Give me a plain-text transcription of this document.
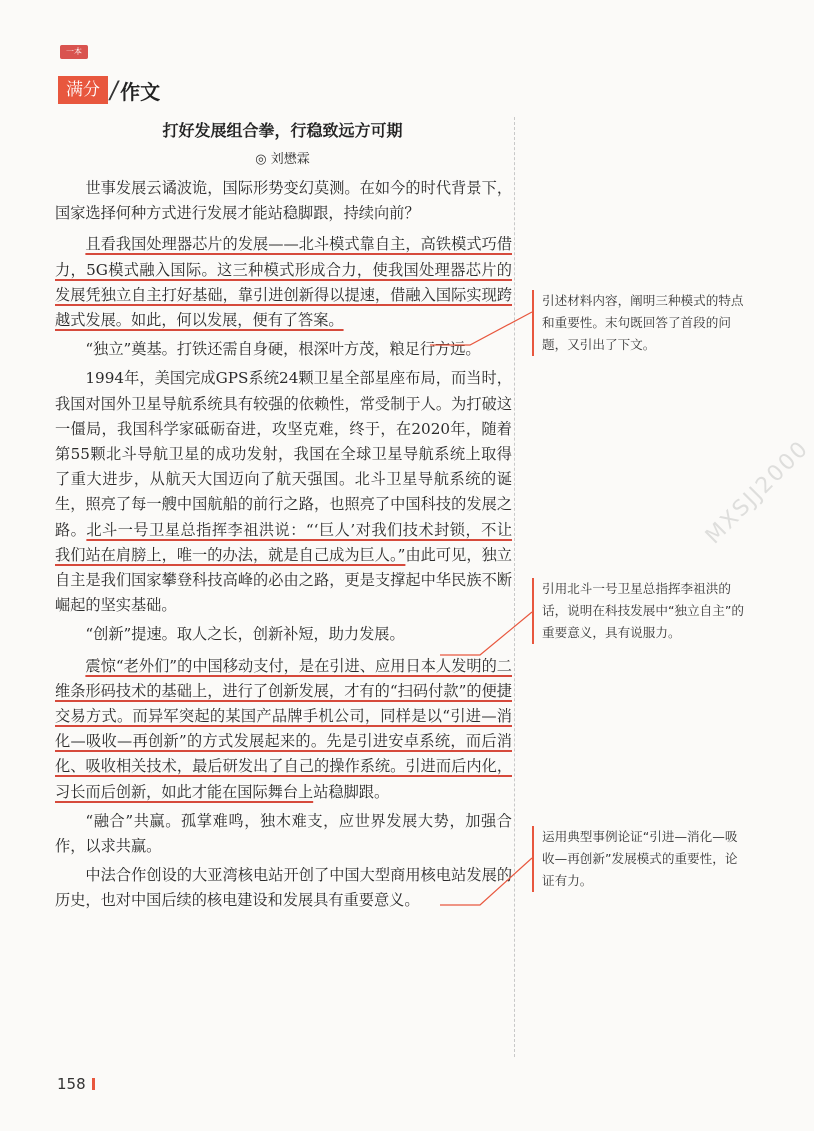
一本
满分 / 作文
打好发展组合拳，行稳致远方可期
◎ 刘懋霖

世事发展云谲波诡，国际形势变幻莫测。在如今的时代背景下，国家选择何种方式进行发展才能站稳脚跟，持续向前？

且看我国处理器芯片的发展——北斗模式靠自主，高铁模式巧借力，5G模式融入国际。这三种模式形成合力，使我国处理器芯片的发展凭独立自主打好基础，靠引进创新得以提速，借融入国际实现跨越式发展。如此，何以发展，便有了答案。

“独立”奠基。打铁还需自身硬，根深叶方茂，粮足行方远。

1994年，美国完成GPS系统24颗卫星全部星座布局，而当时，我国对国外卫星导航系统具有较强的依赖性，常受制于人。为打破这一僵局，我国科学家砥砺奋进，攻坚克难，终于，在2020年，随着第55颗北斗导航卫星的成功发射，我国在全球卫星导航系统上取得了重大进步，从航天大国迈向了航天强国。北斗卫星导航系统的诞生，照亮了每一艘中国航船的前行之路，也照亮了中国科技的发展之路。北斗一号卫星总指挥李祖洪说：“‘巨人’对我们技术封锁，不让我们站在肩膀上，唯一的办法，就是自己成为巨人。”由此可见，独立自主是我们国家攀登科技高峰的必由之路，更是支撑起中华民族不断崛起的坚实基础。

“创新”提速。取人之长，创新补短，助力发展。

震惊“老外们”的中国移动支付，是在引进、应用日本人发明的二维条形码技术的基础上，进行了创新发展，才有的“扫码付款”的便捷交易方式。而异军突起的某国产品牌手机公司，同样是以“引进—消化—吸收—再创新”的方式发展起来的。先是引进安卓系统，而后消化、吸收相关技术，最后研发出了自己的操作系统。引进而后内化，习长而后创新，如此才能在国际舞台上站稳脚跟。

“融合”共赢。孤掌难鸣，独木难支，应世界发展大势，加强合作，以求共赢。

中法合作创设的大亚湾核电站开创了中国大型商用核电站发展的历史，也对中国后续的核电建设和发展具有重要意义。

引述材料内容，阐明三种模式的特点和重要性。末句既回答了首段的问题，又引出了下文。
引用北斗一号卫星总指挥李祖洪的话，说明在科技发展中“独立自主”的重要意义，具有说服力。
运用典型事例论证“引进—消化—吸收—再创新”发展模式的重要性，论证有力。
MXSJJ2000
158
